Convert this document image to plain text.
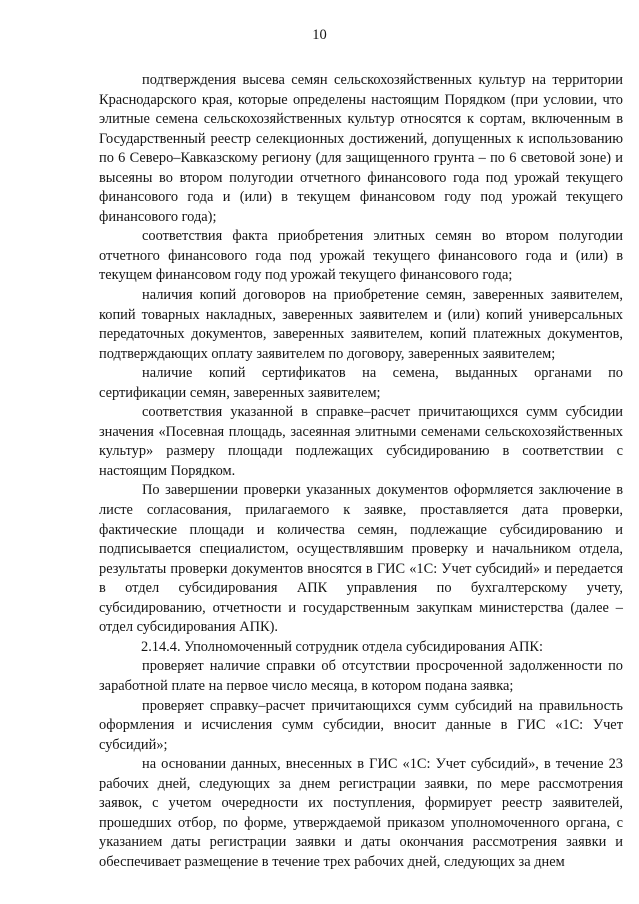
10

подтверждения высева семян сельскохозяйственных культур на территории Краснодарского края, которые определены настоящим Порядком (при условии, что элитные семена сельскохозяйственных культур относятся к сортам, включенным в Государственный реестр селекционных достижений, допущенных к использованию по 6 Северо–Кавказскому региону (для защищенного грунта – по 6 световой зоне) и высеяны во втором полугодии отчетного финансового года под урожай текущего финансового года и (или) в текущем финансовом году под урожай текущего финансового года);

соответствия факта приобретения элитных семян во втором полугодии отчетного финансового года под урожай текущего финансового года и (или) в текущем финансовом году под урожай текущего финансового года;

наличия копий договоров на приобретение семян, заверенных заявителем, копий товарных накладных, заверенных заявителем и (или) копий универсальных передаточных документов, заверенных заявителем, копий платежных документов, подтверждающих оплату заявителем по договору, заверенных заявителем;

наличие копий сертификатов на семена, выданных органами по сертификации семян, заверенных заявителем;

соответствия указанной в справке–расчет причитающихся сумм субсидии значения «Посевная площадь, засеянная элитными семенами сельскохозяйственных культур» размеру площади подлежащих субсидированию в соответствии с настоящим Порядком.

По завершении проверки указанных документов оформляется заключение в листе согласования, прилагаемого к заявке, проставляется дата проверки, фактические площади и количества семян, подлежащие субсидированию и подписывается специалистом, осуществлявшим проверку и начальником отдела, результаты проверки документов вносятся в ГИС «1С: Учет субсидий» и передается в отдел субсидирования АПК управления по бухгалтерскому учету, субсидированию, отчетности и государственным закупкам министерства (далее – отдел субсидирования АПК).

2.14.4. Уполномоченный сотрудник отдела субсидирования АПК:

проверяет наличие справки об отсутствии просроченной задолженности по заработной плате на первое число месяца, в котором подана заявка;

проверяет справку–расчет причитающихся сумм субсидий на правильность оформления и исчисления сумм субсидии, вносит данные в ГИС «1С: Учет субсидий»;

на основании данных, внесенных в ГИС «1С: Учет субсидий», в течение 23 рабочих дней, следующих за днем регистрации заявки, по мере рассмотрения заявок, с учетом очередности их поступления, формирует реестр заявителей, прошедших отбор, по форме, утверждаемой приказом уполномоченного органа, с указанием даты регистрации заявки и даты окончания рассмотрения заявки и обеспечивает размещение в течение трех рабочих дней, следующих за днем
